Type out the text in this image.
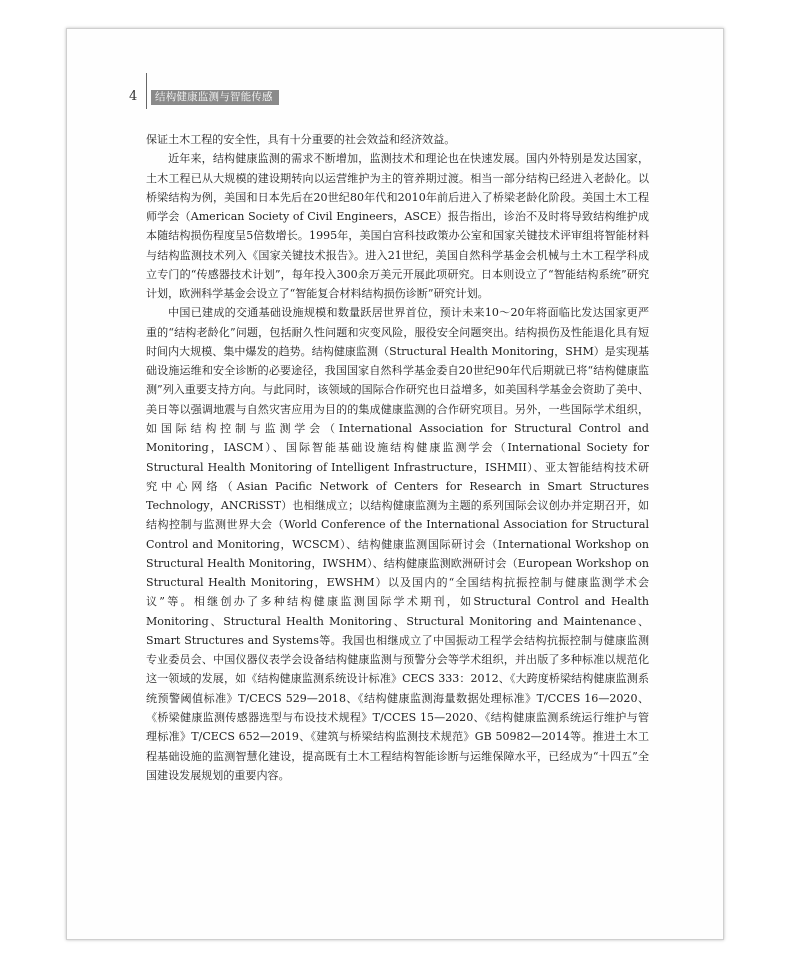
4	结构健康监测与智能传感

保证土木工程的安全性，具有十分重要的社会效益和经济效益。

近年来，结构健康监测的需求不断增加，监测技术和理论也在快速发展。国内外特别是发达国家，土木工程已从大规模的建设期转向以运营维护为主的管养期过渡。相当一部分结构已经进入老龄化。以桥梁结构为例，美国和日本先后在20世纪80年代和2010年前后进入了桥梁老龄化阶段。美国土木工程师学会（American Society of Civil Engineers，ASCE）报告指出，诊治不及时将导致结构维护成本随结构损伤程度呈5倍数增长。1995年，美国白宫科技政策办公室和国家关键技术评审组将智能材料与结构监测技术列入《国家关键技术报告》。进入21世纪，美国自然科学基金会机械与土木工程学科成立专门的“传感器技术计划”，每年投入300余万美元开展此项研究。日本则设立了“智能结构系统”研究计划，欧洲科学基金会设立了“智能复合材料结构损伤诊断”研究计划。

中国已建成的交通基础设施规模和数量跃居世界首位，预计未来10～20年将面临比发达国家更严重的“结构老龄化”问题，包括耐久性问题和灾变风险，服役安全问题突出。结构损伤及性能退化具有短时间内大规模、集中爆发的趋势。结构健康监测（Structural Health Monitoring，SHM）是实现基础设施运维和安全诊断的必要途径，我国国家自然科学基金委自20世纪90年代后期就已将“结构健康监测”列入重要支持方向。与此同时，该领域的国际合作研究也日益增多，如美国科学基金会资助了美中、美日等以强调地震与自然灾害应用为目的的集成健康监测的合作研究项目。另外，一些国际学术组织，如国际结构控制与监测学会（International Association for Structural Control and Monitoring，IASCM）、国际智能基础设施结构健康监测学会（International Society for Structural Health Monitoring of Intelligent Infrastructure，ISHMII）、亚太智能结构技术研究中心网络（Asian Pacific Network of Centers for Research in Smart Structures Technology，ANCRiSST）也相继成立；以结构健康监测为主题的系列国际会议创办并定期召开，如结构控制与监测世界大会（World Conference of the International Association for Structural Control and Monitoring，WCSCM）、结构健康监测国际研讨会（International Workshop on Structural Health Monitoring，IWSHM）、结构健康监测欧洲研讨会（European Workshop on Structural Health Monitoring，EWSHM）以及国内的“全国结构抗振控制与健康监测学术会议”等。相继创办了多种结构健康监测国际学术期刊，如Structural Control and Health Monitoring、Structural Health Monitoring、Structural Monitoring and Maintenance、Smart Structures and Systems等。我国也相继成立了中国振动工程学会结构抗振控制与健康监测专业委员会、中国仪器仪表学会设备结构健康监测与预警分会等学术组织，并出版了多种标准以规范化这一领域的发展，如《结构健康监测系统设计标准》CECS 333：2012、《大跨度桥梁结构健康监测系统预警阈值标准》T/CECS 529—2018、《结构健康监测海量数据处理标准》T/CCES 16—2020、《桥梁健康监测传感器选型与布设技术规程》T/CCES 15—2020、《结构健康监测系统运行维护与管理标准》T/CECS 652—2019、《建筑与桥梁结构监测技术规范》GB 50982—2014等。推进土木工程基础设施的监测智慧化建设，提高既有土木工程结构智能诊断与运维保障水平，已经成为“十四五”全国建设发展规划的重要内容。
